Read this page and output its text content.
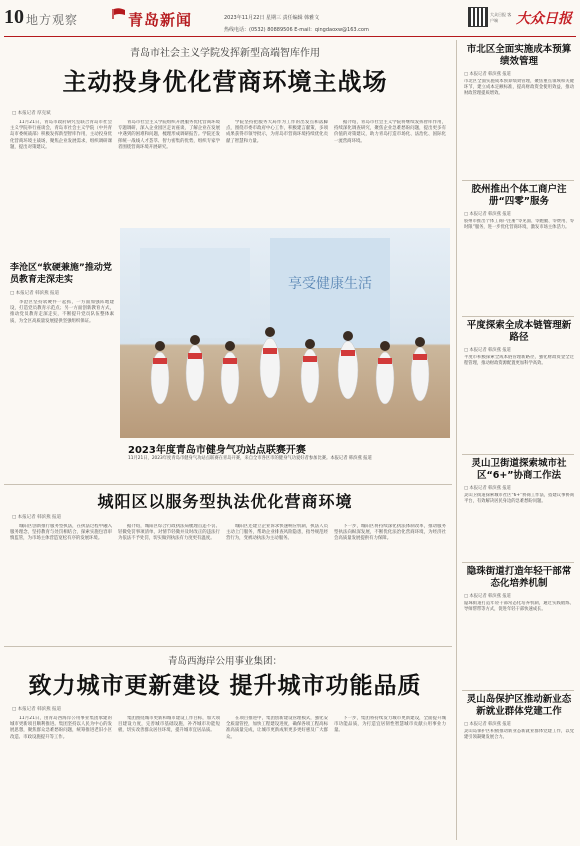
10 地方观察	青岛新闻	2023年11月22日 星期三 责任编辑 韩雅文
热线电话：(0532) 80889506 E-mail：qingdaoxw@163.com
大众日报 客户端	大众日报
青岛市社会主义学院发挥新型高端智库作用
主动投身优化营商环境主战场
□ 本报记者 厚克斌

11月21日，青岛市政府研究室联合青岛市社会主义学院举行座谈会，青岛市社会主义学院（中共青岛市委统战部）积极发挥新型智库作用，主动投身优化营商环境主战场，聚焦企业发展需求，组织调研课题，提出对策建议。

青岛市社会主义学院组织开展服务优化营商环境专题调研，深入企业园区走访座谈，了解企业在发展中遇到的困难和问题，梳理形成调研报告。学院还发挥统一战线人才荟萃、智力密集的优势，组织专家学者围绕营商环境开展研究。

学院坚持把服务大局作为工作的出发点和落脚点，围绕市委市政府中心工作，积极建言献策，多项成果获得市领导批示，为青岛市营商环境持续优化贡献了智慧和力量。

据介绍，青岛市社会主义学院将继续发挥智库作用，持续深化调查研究，聚焦企业急难愁盼问题，提出更多有价值的对策建议，助力青岛打造市场化、法治化、国际化一流营商环境。

李沧区“软硬兼施”推动党员教育走深走实
□ 本报记者 韩滨燕 报道

李沧区坚持软硬件一起抓，一方面加强阵地建设，打造党员教育示范点；另一方面创新教育方式，推动党员教育走深走实，不断提升党员队伍整体素质，为全区高质量发展提供坚强组织保证。

享受健康生活
2023年度青岛市健身气功站点联赛开赛
11月21日，2023年度青岛市健身气功站点联赛在青岛开赛，来自全市各区市的健身气功爱好者参加比赛。本报记者 韩滨燕 报道
城阳区以服务型执法优化营商环境
□ 本报记者 韩滨燕 报道

城阳区创新推行服务型执法，在执法过程中融入服务理念，坚持教育与处罚相结合，探索实施包容审慎监管，为市场主体营造宽松有序的发展环境。

据介绍，城阳区综合行政执法局梳理首违不罚、轻微免罚事项清单，对情节轻微并及时改正的违法行为依法不予处罚，切实做到执法有力度更有温度。

城阳区还建立企业诉求快速响应机制，执法人员主动上门服务，帮助企业排查风险隐患，指导规范经营行为，变被动执法为主动服务。

下一步，城阳区将持续深化执法体制改革，推动服务型执法向纵深发展，不断优化法治化营商环境，为经济社会高质量发展提供有力保障。

青岛西海岸公用事业集团：
致力城市更新建设 提升城市功能品质
□ 本报记者 韩滨燕 报道

11月21日，由青岛西海岸公用事业集团承建的城市更新项目顺利推进。集团坚持以人民为中心的发展思想，聚焦群众急难愁盼问题，统筹推进老旧小区改造、市政设施提升等工作。

集团围绕城市更新和城市建设工作目标，加大项目建设力度，完善城市基础设施，补齐城市功能短板，切实改善群众居住环境，提升城市宜居品质。

在项目推进中，集团创新建设管理模式，强化安全质量管控，加快工程建设进度，确保各项工程高标准高质量完成，让城市更新成果更多更好惠及广大群众。

下一步，集团将持续发力城市更新建设，全面提升城市功能品质，为打造宜居韧性智慧城市贡献公用事业力量。

市北区全面实施成本预算绩效管理
□ 本报记者 韩滨燕 报道
市北区全面实施成本预算绩效管理，聚焦重点领域和关键环节，建立成本定额标准，提高财政资金使用效益，推动财政管理提质增效。
胶州推出个体工商户注册“四零”服务
□ 本报记者 韩滨燕 报道
胶州市推出个体工商户注册“零见面、零跑腿、零费用、零时限”服务，进一步优化营商环境，激发市场主体活力。
平度探索全成本链管理新路径
□ 本报记者 韩滨燕 报道
平度市积极探索全成本链管理新路径，强化财政资金全过程管理，推动财政资源配置更加科学高效。
灵山卫街道探索城市社区“6+”协商工作法
□ 本报记者 韩滨燕 报道
灵山卫街道探索城市社区“6+”协商工作法，搭建议事协商平台，有效解决居民身边的急难愁盼问题。
隐珠街道打造年轻干部常态化培养机制
□ 本报记者 韩滨燕 报道
隐珠街道打造年轻干部常态化培养机制，通过实践锻炼、导师帮带等方式，促进年轻干部快速成长。
灵山岛保护区推动新业态新就业群体党建工作
□ 本报记者 韩滨燕 报道
灵山岛保护区积极推动新业态新就业群体党建工作，以党建引领凝聚发展合力。
